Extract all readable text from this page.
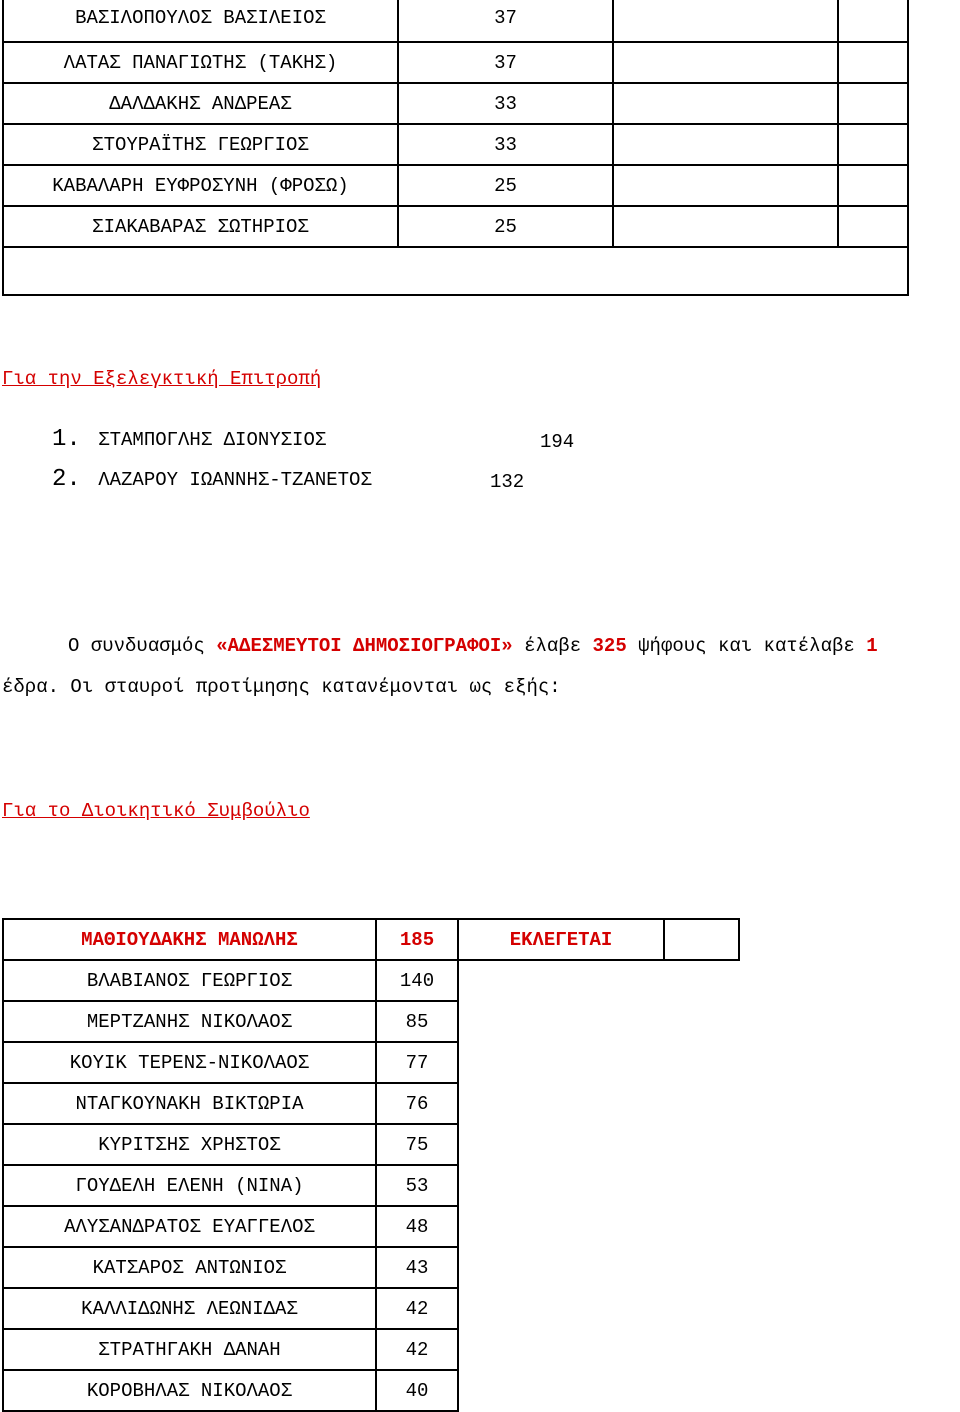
ΒΑΣΙΛΟΠΟΥΛΟΣ ΒΑΣΙΛΕΙΟΣ	37		
ΛΑΤΑΣ ΠΑΝΑΓΙΩΤΗΣ (ΤΑΚΗΣ)	37		
ΔΑΛΔΑΚΗΣ ΑΝΔΡΕΑΣ	33		
ΣΤΟΥΡΑΪΤΗΣ ΓΕΩΡΓΙΟΣ	33		
ΚΑΒΑΛΑΡΗ ΕΥΦΡΟΣΥΝΗ (ΦΡΟΣΩ)	25		
ΣΙΑΚΑΒΑΡΑΣ ΣΩΤΗΡΙΟΣ	25		

Για την Εξελεγκτική Επιτροπή
1. ΣΤΑΜΠΟΓΛΗΣ ΔΙΟΝΥΣΙΟΣ	194
2. ΛΑΖΑΡΟΥ ΙΩΑΝΝΗΣ-ΤΖΑΝΕΤΟΣ	132
Ο συνδυασμός «ΑΔΕΣΜΕΥΤΟΙ ΔΗΜΟΣΙΟΓΡΑΦΟΙ» έλαβε 325 ψήφους και κατέλαβε 1
έδρα. Οι σταυροί προτίμησης κατανέμονται ως εξής:
Για το Διοικητικό Συμβούλιο
ΜΑΘΙΟΥΔΑΚΗΣ ΜΑΝΩΛΗΣ	185	ΕΚΛΕΓΕΤΑΙ	
ΒΛΑΒΙΑΝΟΣ ΓΕΩΡΓΙΟΣ	140		
ΜΕΡΤΖΑΝΗΣ ΝΙΚΟΛΑΟΣ	85		
ΚΟΥΙΚ ΤΕΡΕΝΣ-ΝΙΚΟΛΑΟΣ	77		
ΝΤΑΓΚΟΥΝΑΚΗ ΒΙΚΤΩΡΙΑ	76		
ΚΥΡΙΤΣΗΣ ΧΡΗΣΤΟΣ	75		
ΓΟΥΔΕΛΗ ΕΛΕΝΗ (ΝΙΝΑ)	53		
ΑΛΥΣΑΝΔΡΑΤΟΣ ΕΥΑΓΓΕΛΟΣ	48		
ΚΑΤΣΑΡΟΣ ΑΝΤΩΝΙΟΣ	43		
ΚΑΛΛΙΔΩΝΗΣ ΛΕΩΝΙΔΑΣ	42		
ΣΤΡΑΤΗΓΑΚΗ ΔΑΝΑΗ	42		
ΚΟΡΟΒΗΛΑΣ ΝΙΚΟΛΑΟΣ	40		
